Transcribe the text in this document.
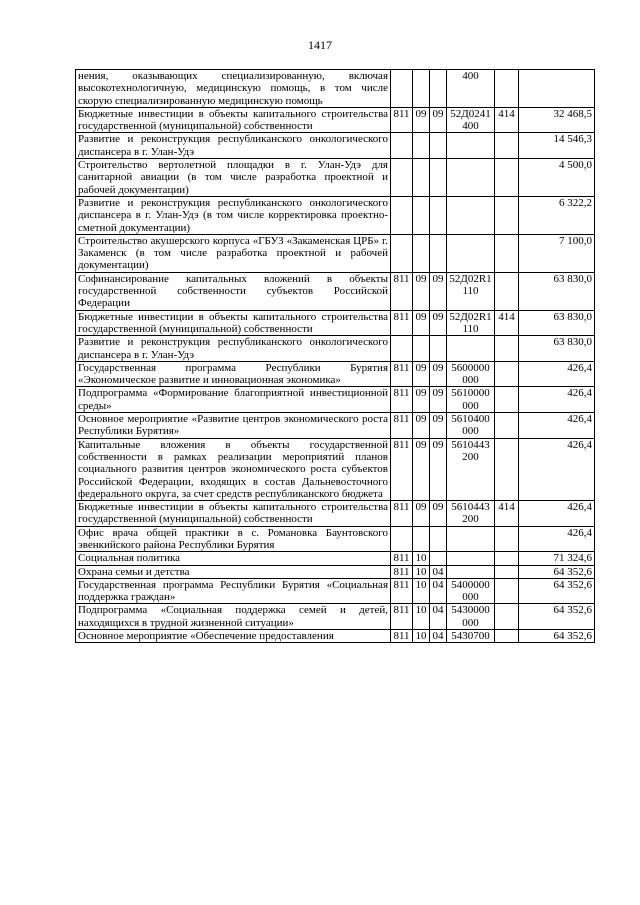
1417
нения, оказывающих специализированную, включая высокотехнологичную, медицинскую помощь, в том числе скорую специализированную медицинскую помощь				400		
Бюджетные инвестиции в объекты капитального строительства государственной (муниципальной) собственности	811	09	09	52Д0241 400	414	32 468,5
Развитие и реконструкция республиканского онкологического диспансера в г. Улан-Удэ						14 546,3
Строительство вертолетной площадки в г. Улан-Удэ для санитарной авиации (в том числе разработка проектной и рабочей документации)						4 500,0
Развитие и реконструкция республиканского онкологического диспансера в г. Улан-Удэ (в том числе корректировка проектно-сметной документации)						6 322,2
Строительство акушерского корпуса «ГБУЗ «Закаменская ЦРБ» г. Закаменск (в том числе разработка проектной и рабочей документации)						7 100,0
Софинансирование капитальных вложений в объекты государственной собственности субъектов Российской Федерации	811	09	09	52Д02R1 110		63 830,0
Бюджетные инвестиции в объекты капитального строительства государственной (муниципальной) собственности	811	09	09	52Д02R1 110	414	63 830,0
Развитие и реконструкция республиканского онкологического диспансера в г. Улан-Удэ						63 830,0
Государственная программа Республики Бурятия «Экономическое развитие и инновационная экономика»	811	09	09	5600000 000		426,4
Подпрограмма «Формирование благоприятной инвестиционной среды»	811	09	09	5610000 000		426,4
Основное мероприятие «Развитие центров экономического роста Республики Бурятия»	811	09	09	5610400 000		426,4
Капитальные вложения в объекты государственной собственности в рамках реализации мероприятий планов социального развития центров экономического роста субъектов Российской Федерации, входящих в состав Дальневосточного федерального округа, за счет средств республиканского бюджета	811	09	09	5610443 200		426,4
Бюджетные инвестиции в объекты капитального строительства государственной (муниципальной) собственности	811	09	09	5610443 200	414	426,4
Офис врача общей практики в с. Романовка Баунтовского эвенкийского района Республики Бурятия						426,4
Социальная политика	811	10				71 324,6
Охрана семьи и детства	811	10	04			64 352,6
Государственная программа Республики Бурятия «Социальная поддержка граждан»	811	10	04	5400000 000		64 352,6
Подпрограмма «Социальная поддержка семей и детей, находящихся в трудной жизненной ситуации»	811	10	04	5430000 000		64 352,6
Основное мероприятие «Обеспечение предоставления	811	10	04	5430700		64 352,6
